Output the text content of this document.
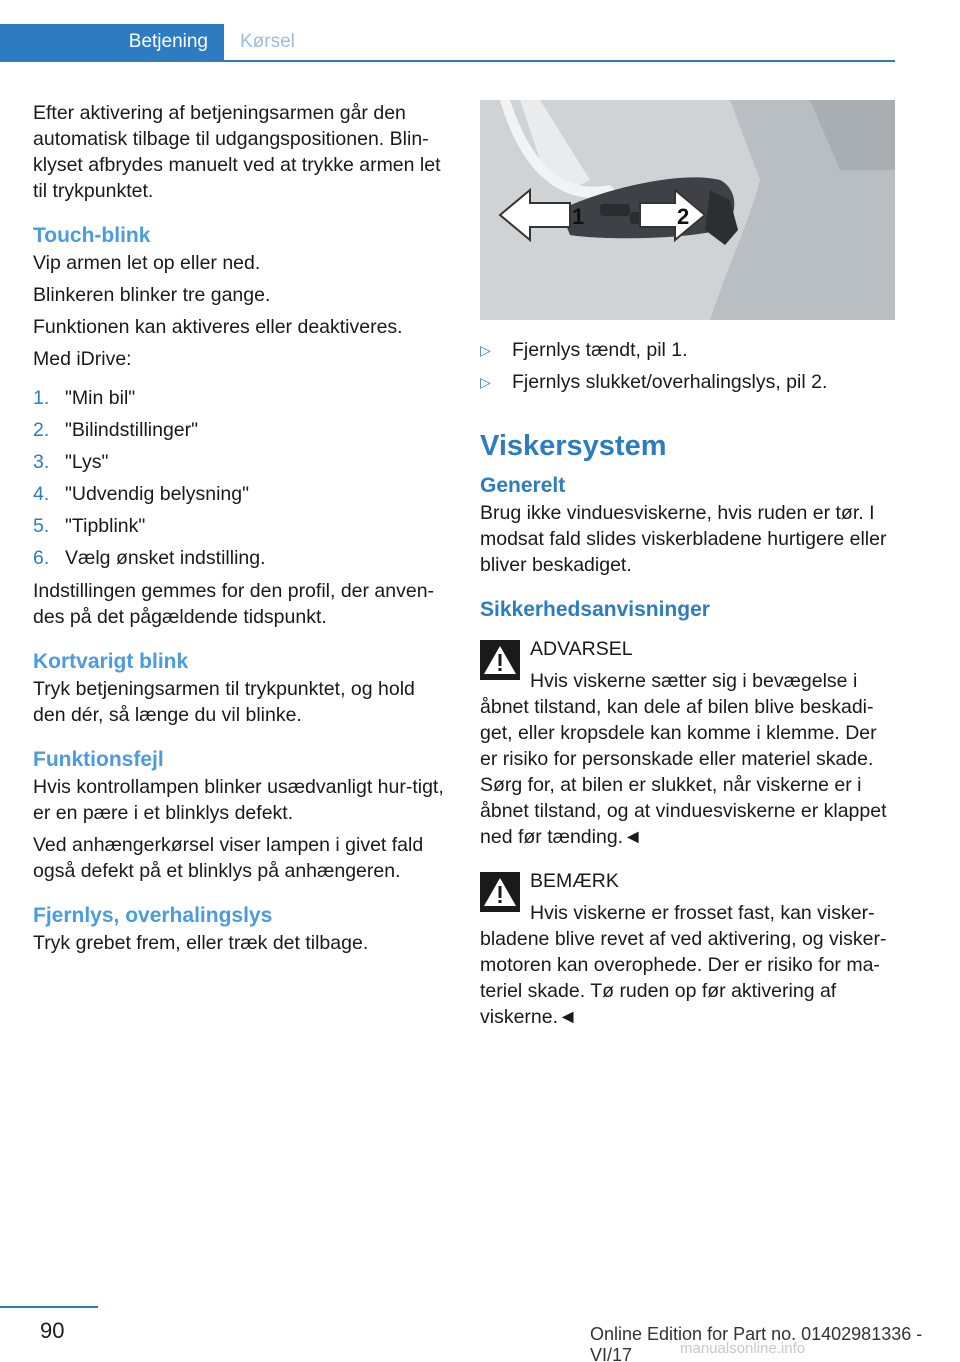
Betjening	Kørsel

Efter aktivering af betjeningsarmen går den automatisk tilbage til udgangspositionen. Blin-klyset afbrydes manuelt ved at trykke armen let til trykpunktet.

Touch-blink

Vip armen let op eller ned.

Blinkeren blinker tre gange.

Funktionen kan aktiveres eller deaktiveres.

Med iDrive:

1. "Min bil"
2. "Bilindstillinger"
3. "Lys"
4. "Udvendig belysning"
5. "Tipblink"
6. Vælg ønsket indstilling.

Indstillingen gemmes for den profil, der anven-des på det pågældende tidspunkt.

Kortvarigt blink

Tryk betjeningsarmen til trykpunktet, og hold den dér, så længe du vil blinke.

Funktionsfejl

Hvis kontrollampen blinker usædvanligt hur-tigt, er en pære i et blinklys defekt.

Ved anhængerkørsel viser lampen i givet fald også defekt på et blinklys på anhængeren.

Fjernlys, overhalingslys

Tryk grebet frem, eller træk det tilbage.

1	2
▷	Fjernlys tændt, pil 1.
▷	Fjernlys slukket/overhalingslys, pil 2.
Viskersystem
Generelt

Brug ikke vinduesviskerne, hvis ruden er tør. I modsat fald slides viskerbladene hurtigere eller bliver beskadiget.

Sikkerhedsanvisninger
ADVARSEL

Hvis viskerne sætter sig i bevægelse i åbnet tilstand, kan dele af bilen blive beskadi-get, eller kropsdele kan komme i klemme. Der er risiko for personskade eller materiel skade. Sørg for, at bilen er slukket, når viskerne er i åbnet tilstand, og at vinduesviskerne er klappet ned før tænding.◄

BEMÆRK

Hvis viskerne er frosset fast, kan visker-bladene blive revet af ved aktivering, og visker-motoren kan overophede. Der er risiko for ma-teriel skade. Tø ruden op før aktivering af viskerne.◄

90	Online Edition for Part no. 01402981336 - VI/17	manualsonline.info
